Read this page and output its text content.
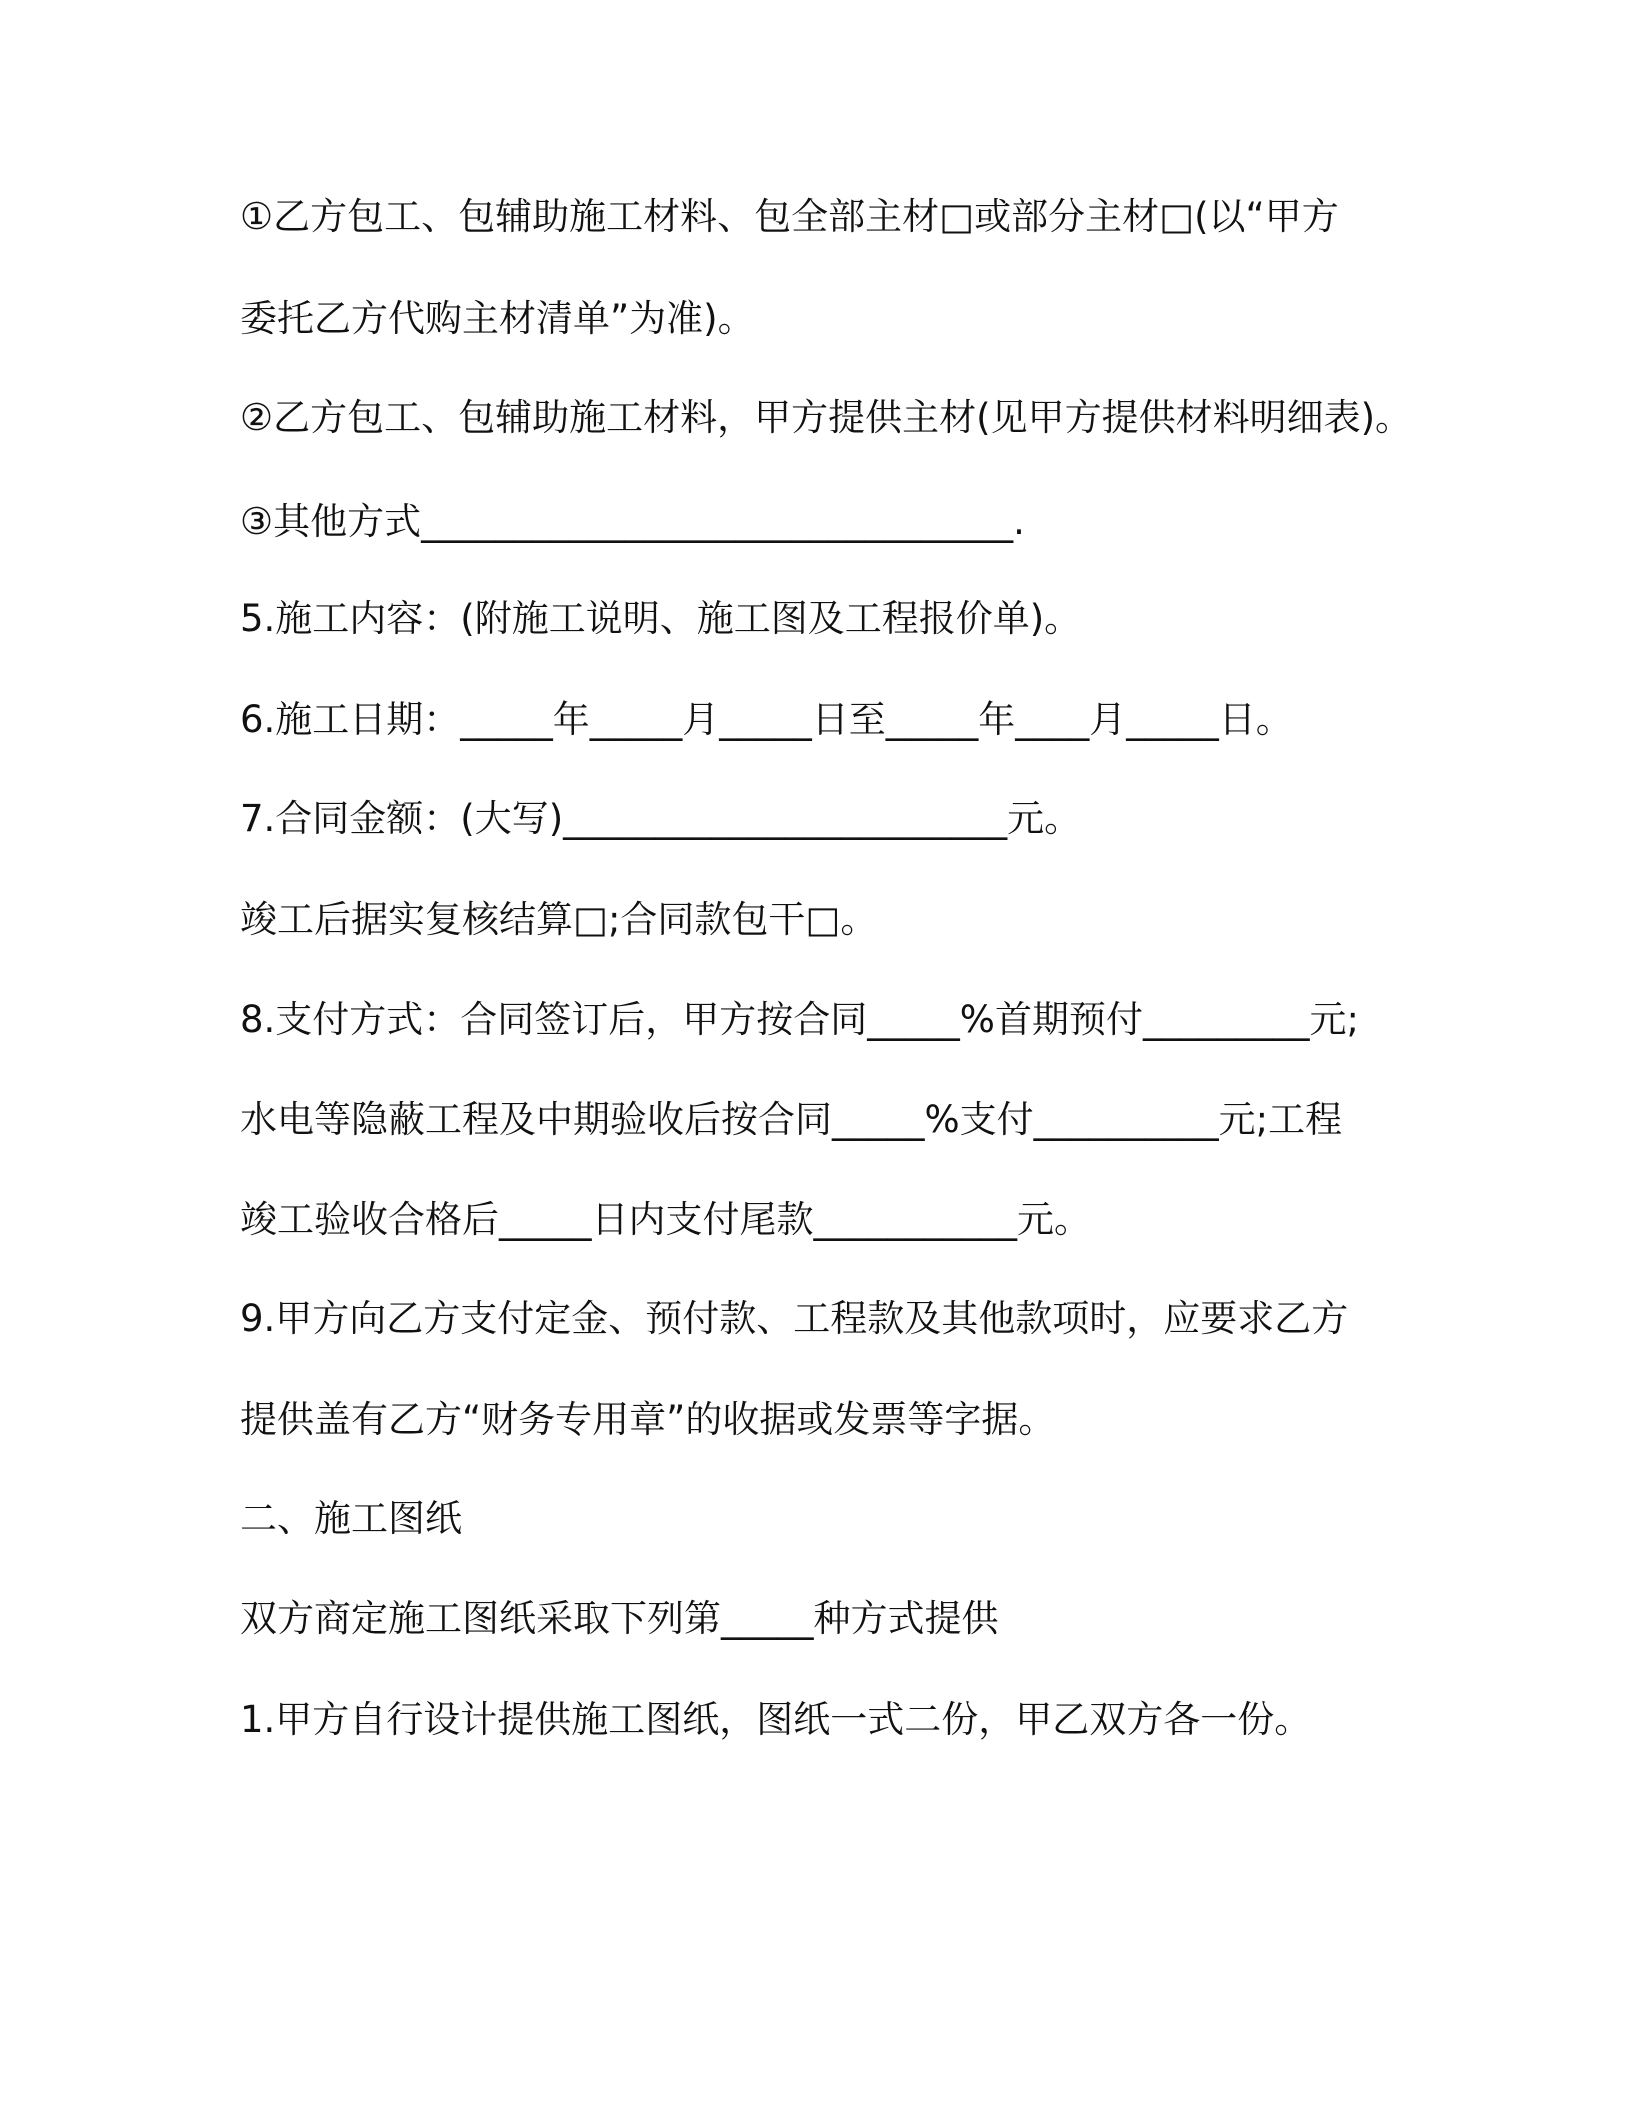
①乙方包工、包辅助施工材料、包全部主材□或部分主材□(以“甲方
委托乙方代购主材清单”为准)。
②乙方包工、包辅助施工材料，甲方提供主材(见甲方提供材料明细表)。
③其他方式________________________________.
5.施工内容：(附施工说明、施工图及工程报价单)。
6.施工日期：_____年_____月_____日至_____年____月_____日。
7.合同金额：(大写)________________________元。
竣工后据实复核结算□;合同款包干□。
8.支付方式：合同签订后，甲方按合同_____%首期预付_________元;
水电等隐蔽工程及中期验收后按合同_____%支付__________元;工程
竣工验收合格后_____日内支付尾款___________元。
9.甲方向乙方支付定金、预付款、工程款及其他款项时，应要求乙方
提供盖有乙方“财务专用章”的收据或发票等字据。
二、施工图纸
双方商定施工图纸采取下列第_____种方式提供
1.甲方自行设计提供施工图纸，图纸一式二份，甲乙双方各一份。
